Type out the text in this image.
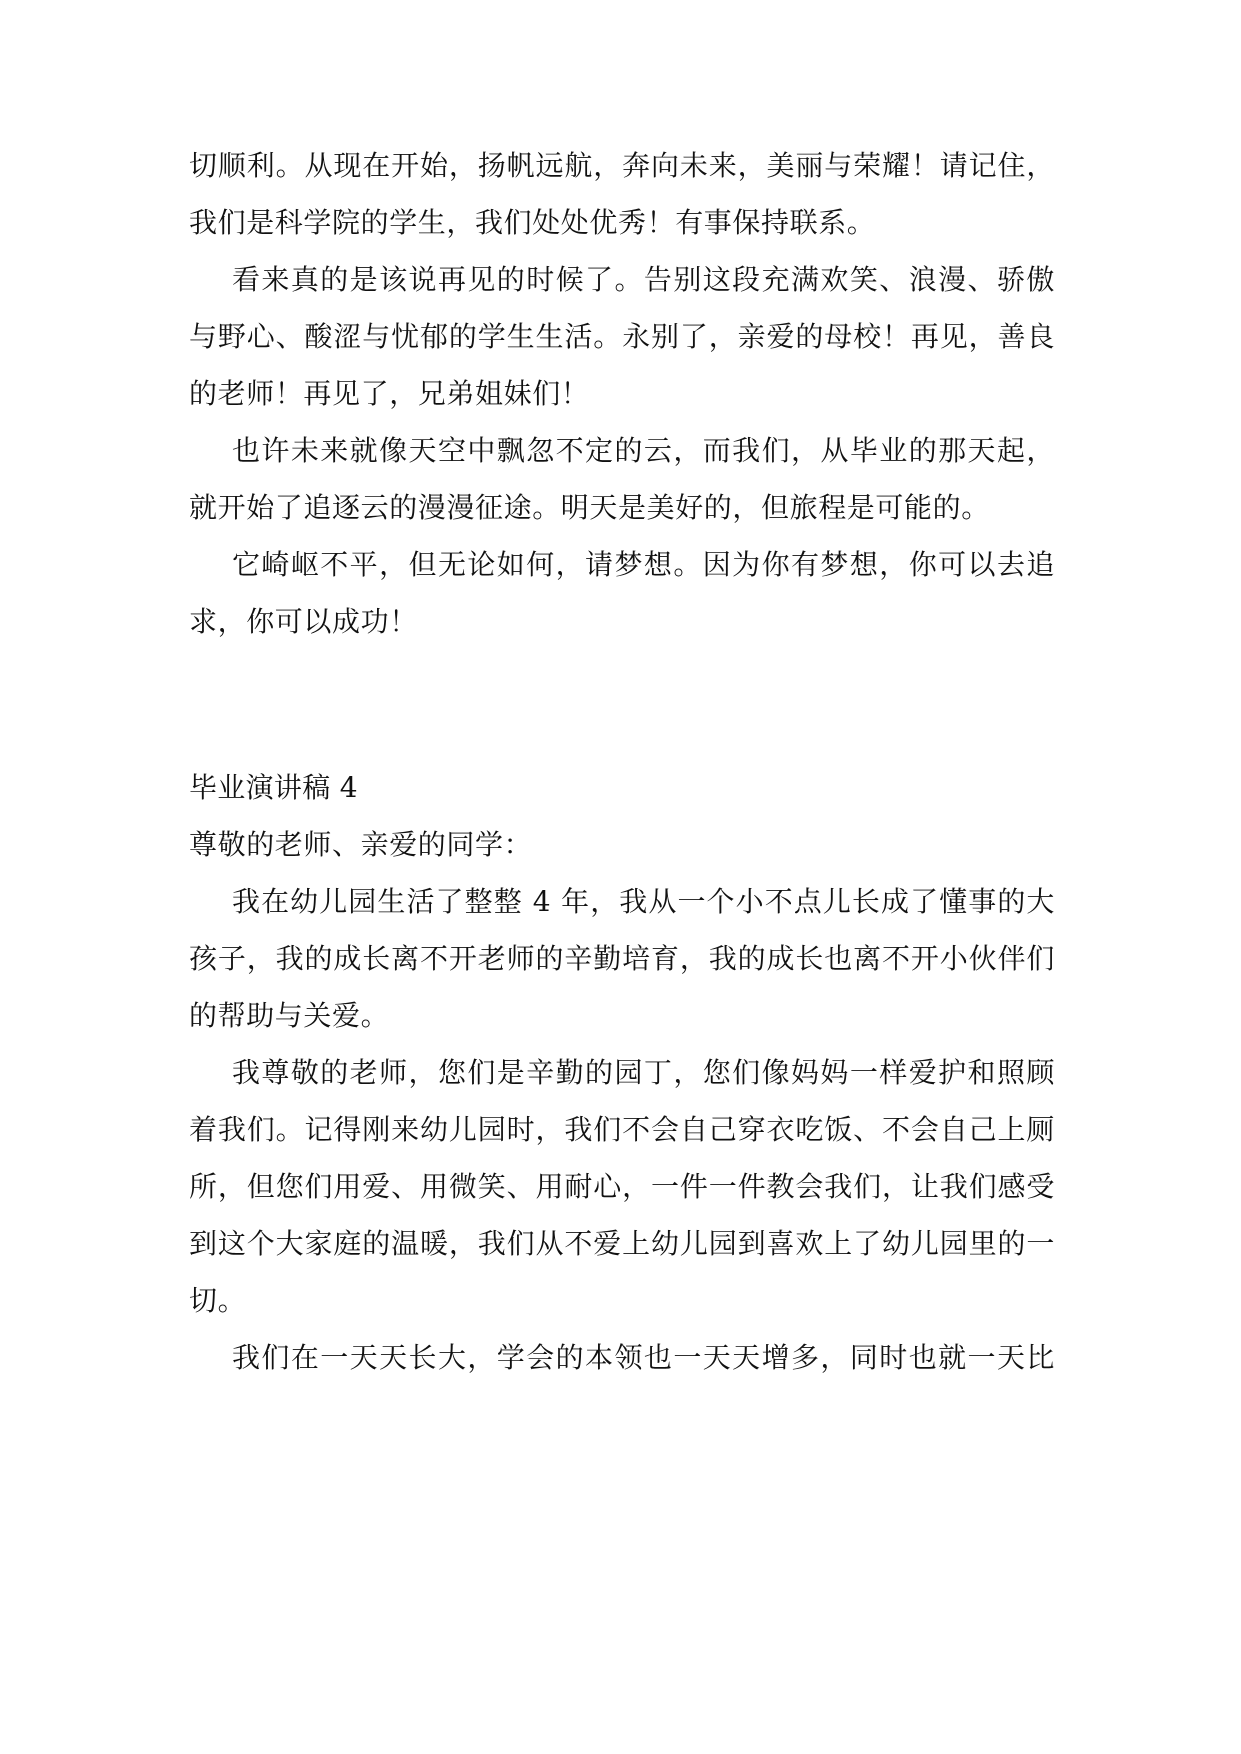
切顺利。从现在开始，扬帆远航，奔向未来，美丽与荣耀！请记住，
我们是科学院的学生，我们处处优秀！有事保持联系。
看来真的是该说再见的时候了。告别这段充满欢笑、浪漫、骄傲
与野心、酸涩与忧郁的学生生活。永别了，亲爱的母校！再见，善良
的老师！再见了，兄弟姐妹们！
也许未来就像天空中飘忽不定的云，而我们，从毕业的那天起，
就开始了追逐云的漫漫征途。明天是美好的，但旅程是可能的。
它崎岖不平，但无论如何，请梦想。因为你有梦想，你可以去追
求，你可以成功！
毕业演讲稿 4
尊敬的老师、亲爱的同学：
我在幼儿园生活了整整 4 年，我从一个小不点儿长成了懂事的大
孩子，我的成长离不开老师的辛勤培育，我的成长也离不开小伙伴们
的帮助与关爱。
我尊敬的老师，您们是辛勤的园丁，您们像妈妈一样爱护和照顾
着我们。记得刚来幼儿园时，我们不会自己穿衣吃饭、不会自己上厕
所，但您们用爱、用微笑、用耐心，一件一件教会我们，让我们感受
到这个大家庭的温暖，我们从不爱上幼儿园到喜欢上了幼儿园里的一
切。
我们在一天天长大，学会的本领也一天天增多，同时也就一天比
